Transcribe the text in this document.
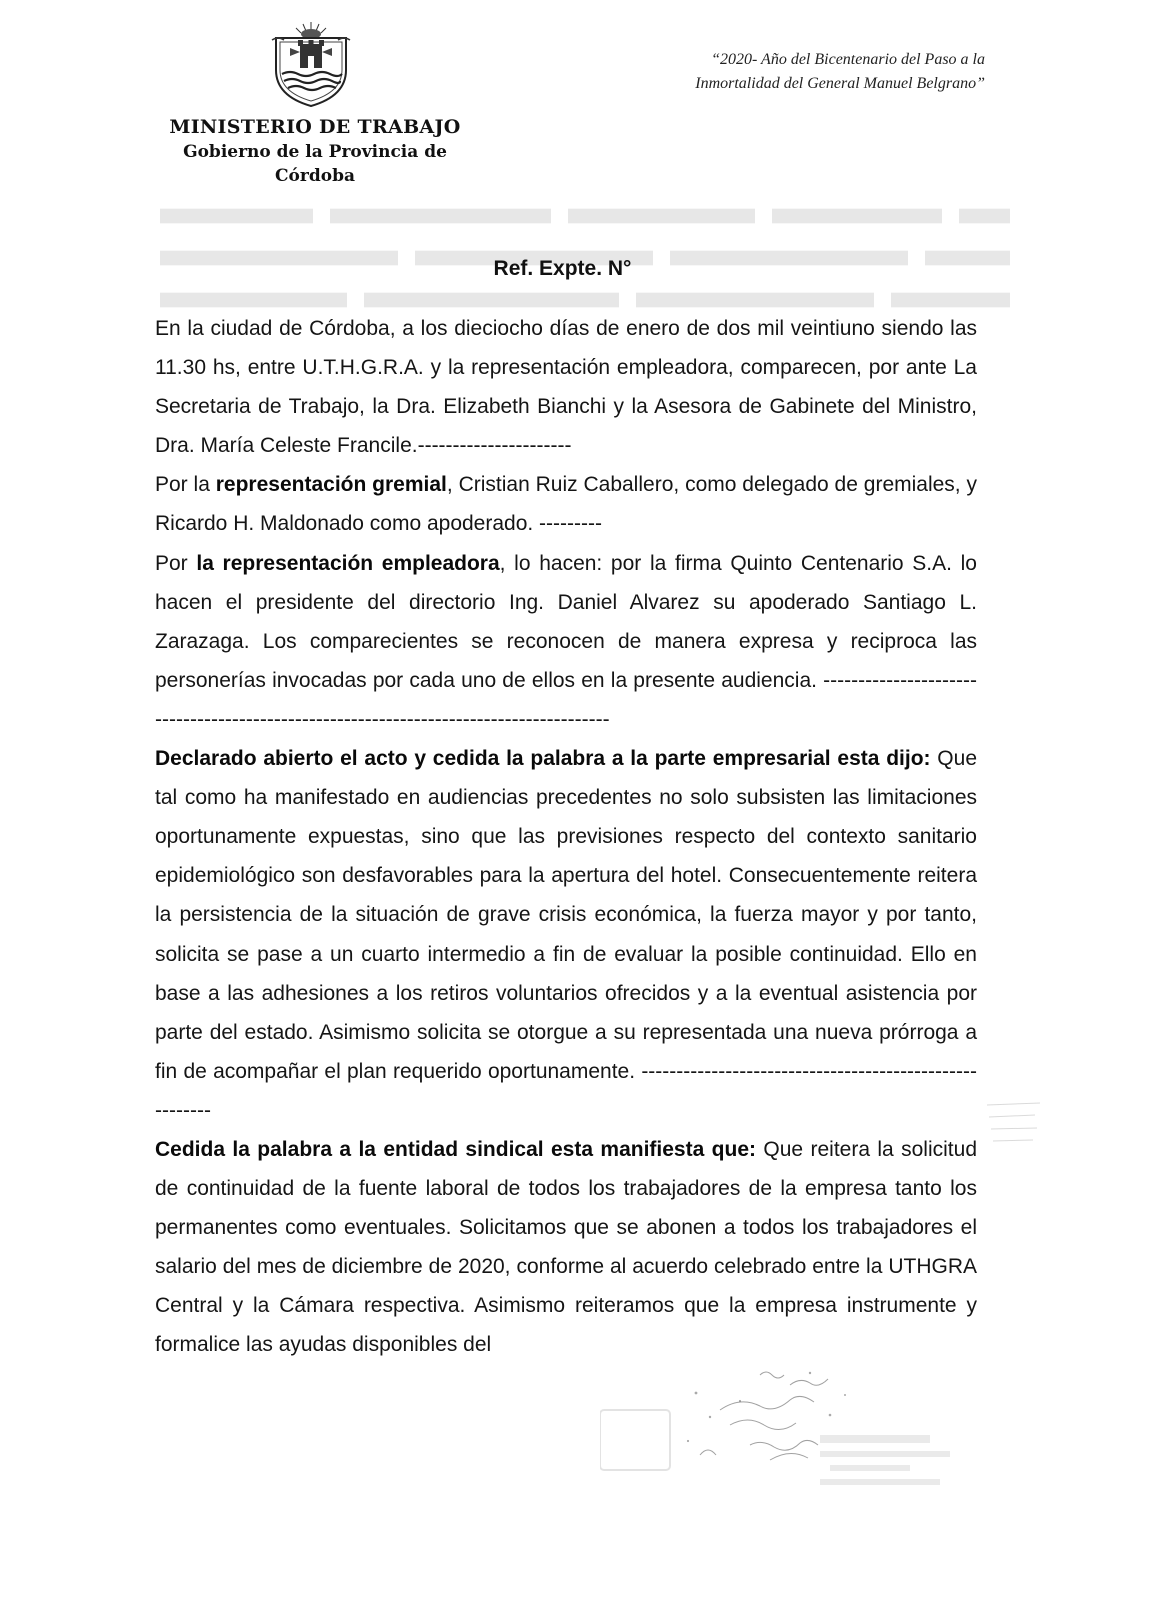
MINISTERIO DE TRABAJO
Gobierno de la Provincia de Córdoba
“2020- Año del Bicentenario del Paso a la
Inmortalidad del General Manuel Belgrano”
Ref. Expte. N°

En la ciudad de Córdoba, a los dieciocho días de enero de dos mil veintiuno siendo las 11.30 hs, entre U.T.H.G.R.A. y la representación empleadora, comparecen, por ante La Secretaria de Trabajo, la Dra. Elizabeth Bianchi y la Asesora de Gabinete del Ministro, Dra. María Celeste Francile.----------------------

Por la representación gremial, Cristian Ruiz Caballero, como delegado de gremiales, y Ricardo H. Maldonado como apoderado. ---------

Por la representación empleadora, lo hacen: por la firma Quinto Centenario S.A. lo hacen el presidente del directorio Ing. Daniel Alvarez su apoderado Santiago L. Zarazaga. Los comparecientes se reconocen de manera expresa y reciproca las personerías invocadas por cada uno de ellos en la presente audiencia. ---------------------------------------------------------------------------------------

Declarado abierto el acto y cedida la palabra a la parte empresarial esta dijo: Que tal como ha manifestado en audiencias precedentes no solo subsisten las limitaciones oportunamente expuestas, sino que las previsiones respecto del contexto sanitario epidemiológico son desfavorables para la apertura del hotel. Consecuentemente reitera la persistencia de la situación de grave crisis económica, la fuerza mayor y por tanto, solicita se pase a un cuarto intermedio a fin de evaluar la posible continuidad. Ello en base a las adhesiones a los retiros voluntarios ofrecidos y a la eventual asistencia por parte del estado. Asimismo solicita se otorgue a su representada una nueva prórroga a fin de acompañar el plan requerido oportunamente. --------------------------------------------------------

Cedida la palabra a la entidad sindical esta manifiesta que: Que reitera la solicitud de continuidad de la fuente laboral de todos los trabajadores de la empresa tanto los permanentes como eventuales. Solicitamos que se abonen a todos los trabajadores el salario del mes de diciembre de 2020, conforme al acuerdo celebrado entre la UTHGRA Central y la Cámara respectiva. Asimismo reiteramos que la empresa instrumente y formalice las ayudas disponibles del
